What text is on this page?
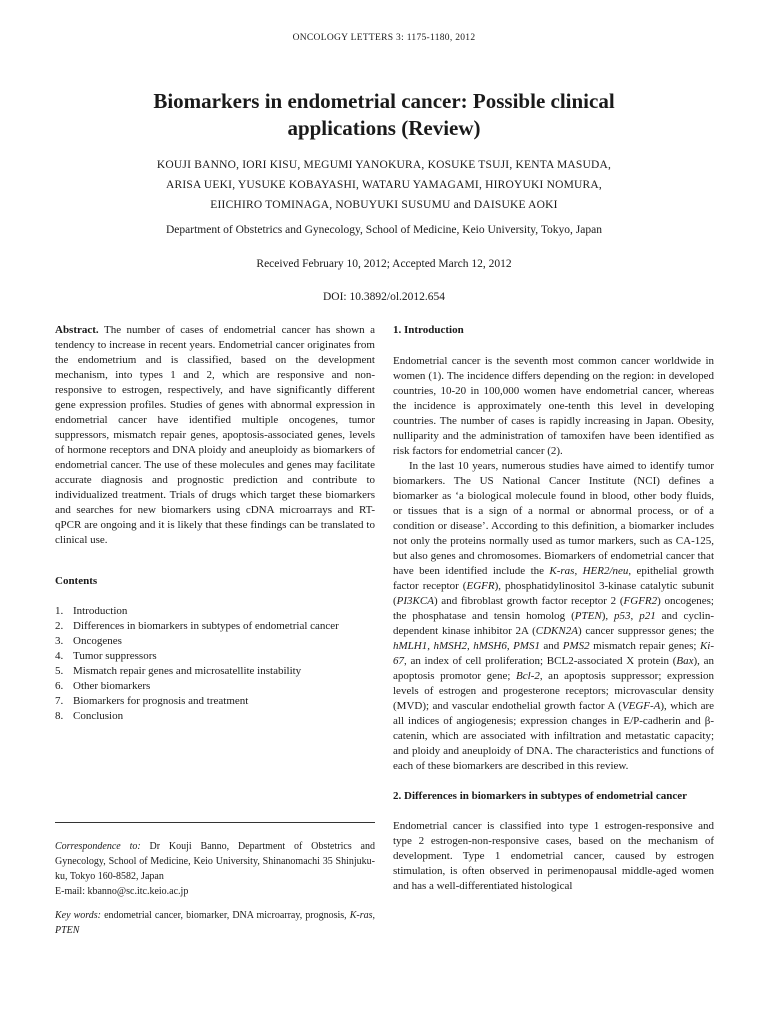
ONCOLOGY LETTERS 3: 1175-1180, 2012
Biomarkers in endometrial cancer: Possible clinical applications (Review)
KOUJI BANNO, IORI KISU, MEGUMI YANOKURA, KOSUKE TSUJI, KENTA MASUDA,
ARISA UEKI, YUSUKE KOBAYASHI, WATARU YAMAGAMI, HIROYUKI NOMURA,
EIICHIRO TOMINAGA, NOBUYUKI SUSUMU and DAISUKE AOKI
Department of Obstetrics and Gynecology, School of Medicine, Keio University, Tokyo, Japan
Received February 10, 2012; Accepted March 12, 2012
DOI: 10.3892/ol.2012.654

Abstract. The number of cases of endometrial cancer has shown a tendency to increase in recent years. Endometrial cancer originates from the endometrium and is classified, based on the development mechanism, into types 1 and 2, which are responsive and non-responsive to estrogen, respectively, and have significantly different gene expression profiles. Studies of genes with abnormal expression in endometrial cancer have identified multiple oncogenes, tumor suppressors, mismatch repair genes, apoptosis-associated genes, levels of hormone receptors and DNA ploidy and aneuploidy as biomarkers of endometrial cancer. The use of these molecules and genes may facilitate accurate diagnosis and prognostic prediction and contribute to individualized treatment. Trials of drugs which target these biomarkers and searches for new biomarkers using cDNA microarrays and RT-qPCR are ongoing and it is likely that these findings can be translated to clinical use.

Contents

1. Introduction
2. Differences in biomarkers in subtypes of endometrial cancer
3. Oncogenes
4. Tumor suppressors
5. Mismatch repair genes and microsatellite instability
6. Other biomarkers
7. Biomarkers for prognosis and treatment
8. Conclusion
Correspondence to: Dr Kouji Banno, Department of Obstetrics and Gynecology, School of Medicine, Keio University, Shinanomachi 35 Shinjuku-ku, Tokyo 160-8582, Japan
E-mail: kbanno@sc.itc.keio.ac.jp
Key words: endometrial cancer, biomarker, DNA microarray, prognosis, K-ras, PTEN

1. Introduction

Endometrial cancer is the seventh most common cancer worldwide in women (1). The incidence differs depending on the region: in developed countries, 10-20 in 100,000 women have endometrial cancer, whereas the incidence is approximately one-tenth this level in developing countries. The number of cases is rapidly increasing in Japan. Obesity, nulliparity and the administration of tamoxifen have been identified as risk factors for endometrial cancer (2).

In the last 10 years, numerous studies have aimed to identify tumor biomarkers. The US National Cancer Institute (NCI) defines a biomarker as ‘a biological molecule found in blood, other body fluids, or tissues that is a sign of a normal or abnormal process, or of a condition or disease’. According to this definition, a biomarker includes not only the proteins normally used as tumor markers, such as CA-125, but also genes and chromosomes. Biomarkers of endometrial cancer that have been identified include the K-ras, HER2/neu, epithelial growth factor receptor (EGFR), phosphatidylinositol 3-kinase catalytic subunit (PI3KCA) and fibroblast growth factor receptor 2 (FGFR2) oncogenes; the phosphatase and tensin homolog (PTEN), p53, p21 and cyclin-dependent kinase inhibitor 2A (CDKN2A) cancer suppressor genes; the hMLH1, hMSH2, hMSH6, PMS1 and PMS2 mismatch repair genes; Ki-67, an index of cell proliferation; BCL2-associated X protein (Bax), an apoptosis promotor gene; Bcl-2, an apoptosis suppressor; expression levels of estrogen and progesterone receptors; microvascular density (MVD); and vascular endothelial growth factor A (VEGF-A), which are all indices of angiogenesis; expression changes in E/P-cadherin and β-catenin, which are associated with infiltration and metastatic capacity; and ploidy and aneuploidy of DNA. The characteristics and functions of each of these biomarkers are described in this review.

2. Differences in biomarkers in subtypes of endometrial cancer

Endometrial cancer is classified into type 1 estrogen-responsive and type 2 estrogen-non-responsive cases, based on the mechanism of development. Type 1 endometrial cancer, caused by estrogen stimulation, is often observed in perimenopausal middle-aged women and has a well-differentiated histological
